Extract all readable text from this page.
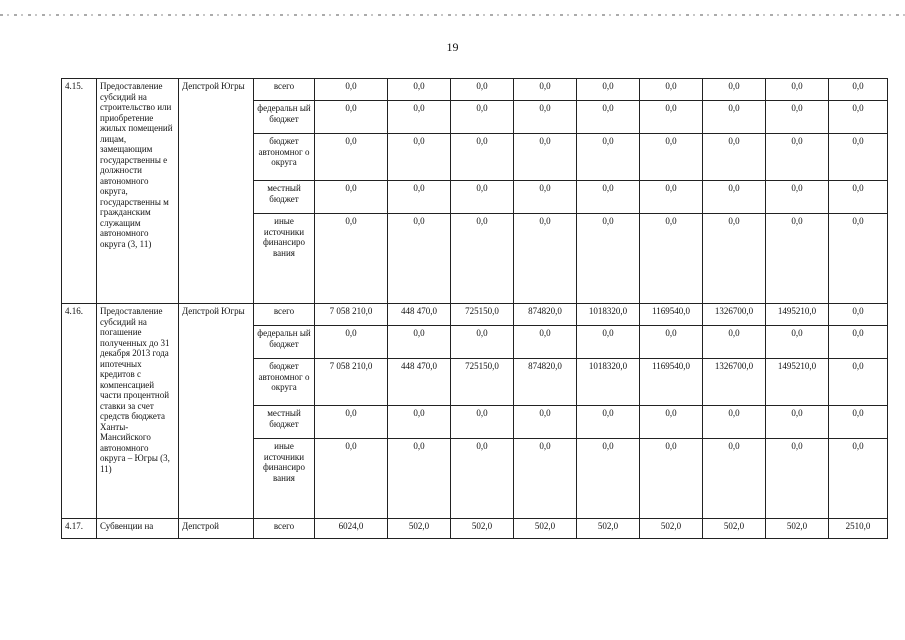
19
4.15.	Предоставление субсидий на строительство или приобретение жилых помещений лицам, замещающим государственны е должности автономного округа, государственны м гражданским служащим автономного округа (3, 11)	Депстрой Югры	всего	0,0	0,0	0,0	0,0	0,0	0,0	0,0	0,0	0,0
			федеральн ый бюджет	0,0	0,0	0,0	0,0	0,0	0,0	0,0	0,0	0,0
			бюджет автономног о округа	0,0	0,0	0,0	0,0	0,0	0,0	0,0	0,0	0,0
			местный бюджет	0,0	0,0	0,0	0,0	0,0	0,0	0,0	0,0	0,0
			иные источники финансиро вания	0,0	0,0	0,0	0,0	0,0	0,0	0,0	0,0	0,0
4.16.	Предоставление субсидий на погашение полученных до 31 декабря 2013 года ипотечных кредитов с компенсацией части процентной ставки за счет средств бюджета Ханты-Мансийского автономного округа – Югры (3, 11)	Депстрой Югры	всего	7 058 210,0	448 470,0	725150,0	874820,0	1018320,0	1169540,0	1326700,0	1495210,0	0,0
			федеральн ый бюджет	0,0	0,0	0,0	0,0	0,0	0,0	0,0	0,0	0,0
			бюджет автономног о округа	7 058 210,0	448 470,0	725150,0	874820,0	1018320,0	1169540,0	1326700,0	1495210,0	0,0
			местный бюджет	0,0	0,0	0,0	0,0	0,0	0,0	0,0	0,0	0,0
			иные источники финансиро вания	0,0	0,0	0,0	0,0	0,0	0,0	0,0	0,0	0,0
4.17.	Субвенции на	Депстрой	всего	6024,0	502,0	502,0	502,0	502,0	502,0	502,0	502,0	2510,0
